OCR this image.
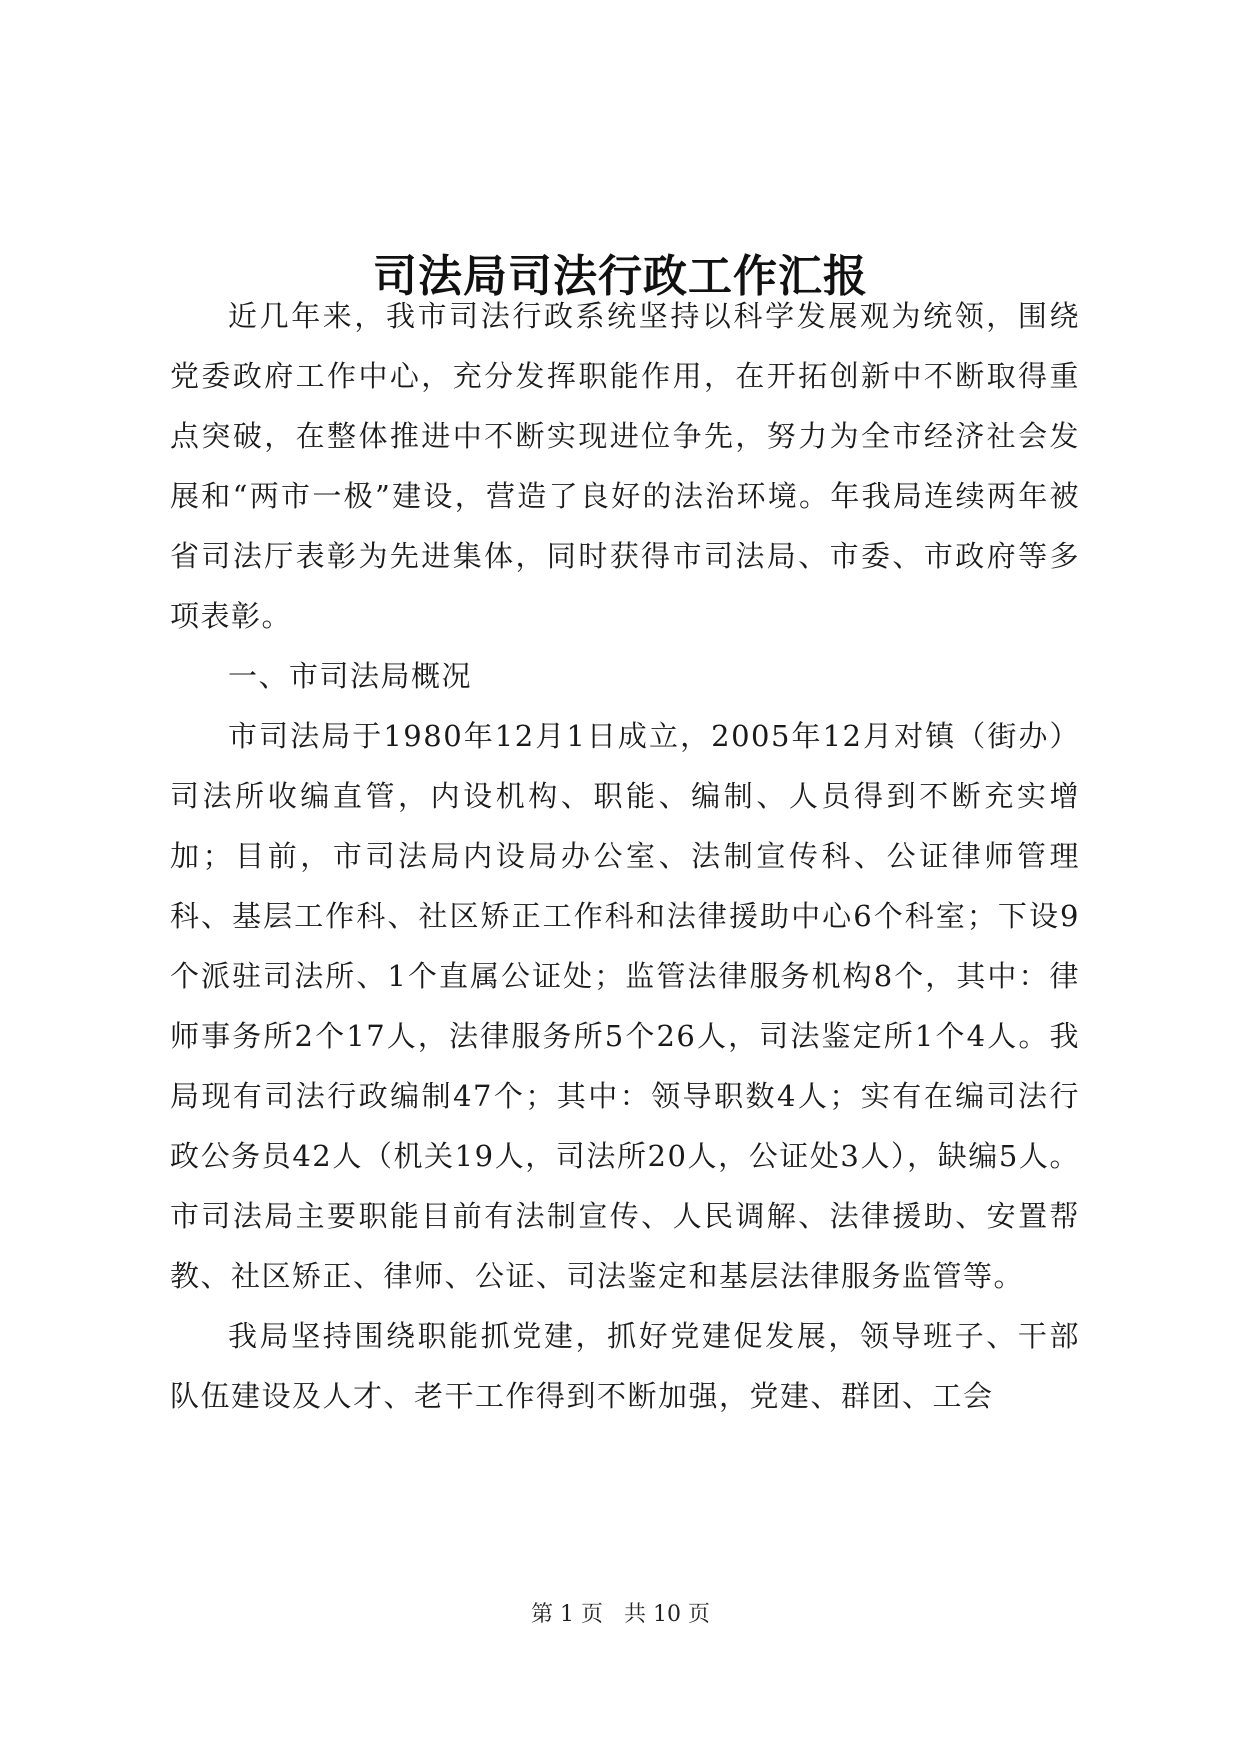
司法局司法行政工作汇报

近几年来，我市司法行政系统坚持以科学发展观为统领，围绕党委政府工作中心，充分发挥职能作用，在开拓创新中不断取得重点突破，在整体推进中不断实现进位争先，努力为全市经济社会发展和“两市一极”建设，营造了良好的法治环境。年我局连续两年被省司法厅表彰为先进集体，同时获得市司法局、市委、市政府等多项表彰。

一、市司法局概况

市司法局于1980年12月1日成立，2005年12月对镇（街办）司法所收编直管，内设机构、职能、编制、人员得到不断充实增加；目前，市司法局内设局办公室、法制宣传科、公证律师管理科、基层工作科、社区矫正工作科和法律援助中心6个科室；下设9个派驻司法所、1个直属公证处；监管法律服务机构8个，其中：律师事务所2个17人，法律服务所5个26人，司法鉴定所1个4人。我局现有司法行政编制47个；其中：领导职数4人；实有在编司法行政公务员42人（机关19人，司法所20人，公证处3人），缺编5人。市司法局主要职能目前有法制宣传、人民调解、法律援助、安置帮教、社区矫正、律师、公证、司法鉴定和基层法律服务监管等。

我局坚持围绕职能抓党建，抓好党建促发展，领导班子、干部队伍建设及人才、老干工作得到不断加强，党建、群团、工会

第 1 页 共 10 页
